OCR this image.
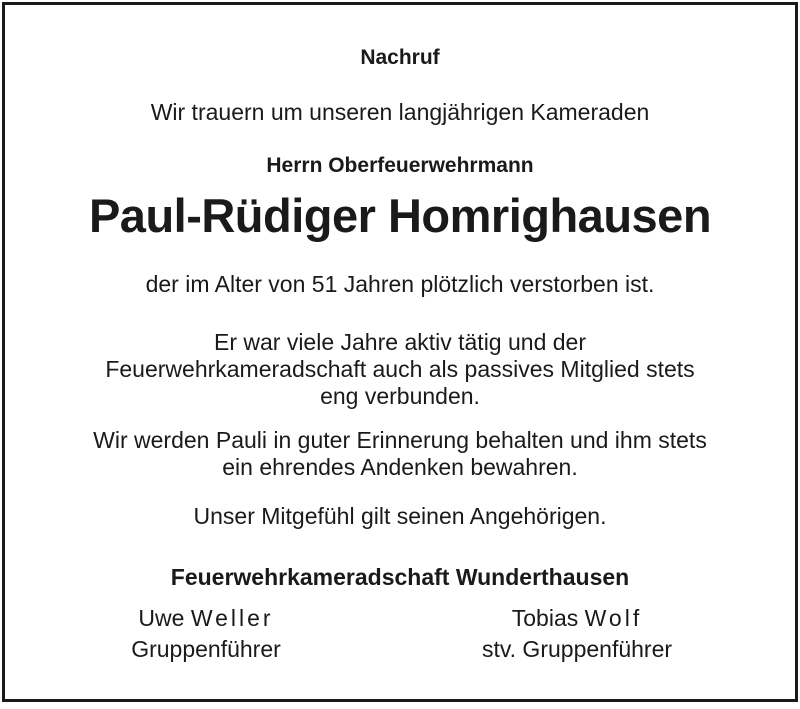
Nachruf
Wir trauern um unseren langjährigen Kameraden
Herrn Oberfeuerwehrmann
Paul-Rüdiger Homrighausen
der im Alter von 51 Jahren plötzlich verstorben ist.
Er war viele Jahre aktiv tätig und der
Feuerwehrkameradschaft auch als passives Mitglied stets
eng verbunden.
Wir werden Pauli in guter Erinnerung behalten und ihm stets
ein ehrendes Andenken bewahren.
Unser Mitgefühl gilt seinen Angehörigen.
Feuerwehrkameradschaft Wunderthausen
Uwe Weller
Gruppenführer
Tobias Wolf
stv. Gruppenführer
